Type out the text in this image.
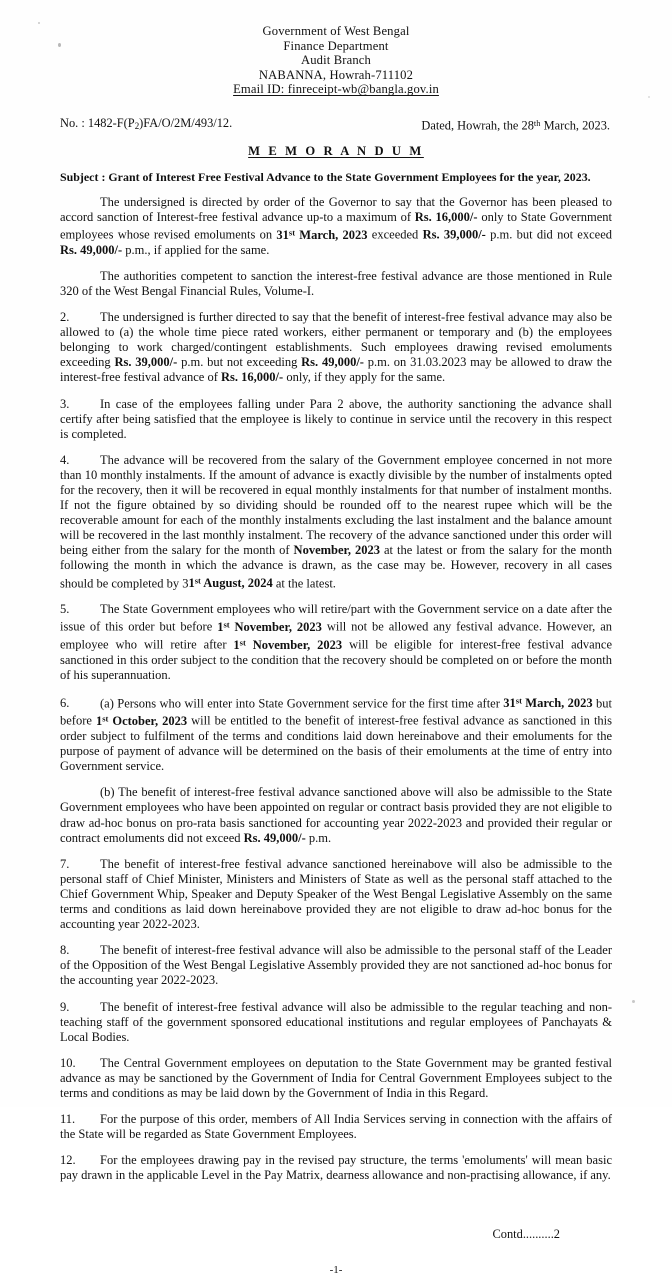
Government of West Bengal
Finance Department
Audit Branch
NABANNA, Howrah-711102
Email ID: finreceipt-wb@bangla.gov.in
No. : $1482-F(P_2)FA/O/2M/493/12$.	Dated, Howrah, the 28th March, 2023.
M E M O R A N D U M
Subject : Grant of Interest Free Festival Advance to the State Government Employees for the year, 2023.
The undersigned is directed by order of the Governor to say that the Governor has been pleased to accord sanction of Interest-free festival advance up-to a maximum of Rs. 16,000/- only to State Government employees whose revised emoluments on 31st March, 2023 exceeded Rs. 39,000/- p.m. but did not exceed Rs. 49,000/- p.m., if applied for the same.
The authorities competent to sanction the interest-free festival advance are those mentioned in Rule 320 of the West Bengal Financial Rules, Volume-I.
2. The undersigned is further directed to say that the benefit of interest-free festival advance may also be allowed to (a) the whole time piece rated workers, either permanent or temporary and (b) the employees belonging to work charged/contingent establishments. Such employees drawing revised emoluments exceeding Rs. 39,000/- p.m. but not exceeding Rs. 49,000/- p.m. on 31.03.2023 may be allowed to draw the interest-free festival advance of Rs. 16,000/- only, if they apply for the same.
3. In case of the employees falling under Para 2 above, the authority sanctioning the advance shall certify after being satisfied that the employee is likely to continue in service until the recovery in this respect is completed.
4. The advance will be recovered from the salary of the Government employee concerned in not more than 10 monthly instalments. If the amount of advance is exactly divisible by the number of instalments opted for the recovery, then it will be recovered in equal monthly instalments for that number of instalment months. If not the figure obtained by so dividing should be rounded off to the nearest rupee which will be the recoverable amount for each of the monthly instalments excluding the last instalment and the balance amount will be recovered in the last monthly instalment. The recovery of the advance sanctioned under this order will being either from the salary for the month of November, 2023 at the latest or from the salary for the month following the month in which the advance is drawn, as the case may be. However, recovery in all cases should be completed by 31st August, 2024 at the latest.
5. The State Government employees who will retire/part with the Government service on a date after the issue of this order but before 1st November, 2023 will not be allowed any festival advance. However, an employee who will retire after 1st November, 2023 will be eligible for interest-free festival advance sanctioned in this order subject to the condition that the recovery should be completed on or before the month of his superannuation.
6. (a) Persons who will enter into State Government service for the first time after 31st March, 2023 but before 1st October, 2023 will be entitled to the benefit of interest-free festival advance as sanctioned in this order subject to fulfilment of the terms and conditions laid down hereinabove and their emoluments for the purpose of payment of advance will be determined on the basis of their emoluments at the time of entry into Government service.
(b) The benefit of interest-free festival advance sanctioned above will also be admissible to the State Government employees who have been appointed on regular or contract basis provided they are not eligible to draw ad-hoc bonus on pro-rata basis sanctioned for accounting year 2022-2023 and provided their regular or contract emoluments did not exceed Rs. 49,000/- p.m.
7. The benefit of interest-free festival advance sanctioned hereinabove will also be admissible to the personal staff of Chief Minister, Ministers and Ministers of State as well as the personal staff attached to the Chief Government Whip, Speaker and Deputy Speaker of the West Bengal Legislative Assembly on the same terms and conditions as laid down hereinabove provided they are not eligible to draw ad-hoc bonus for the accounting year 2022-2023.
8. The benefit of interest-free festival advance will also be admissible to the personal staff of the Leader of the Opposition of the West Bengal Legislative Assembly provided they are not sanctioned ad-hoc bonus for the accounting year 2022-2023.
9. The benefit of interest-free festival advance will also be admissible to the regular teaching and non-teaching staff of the government sponsored educational institutions and regular employees of Panchayats & Local Bodies.
10. The Central Government employees on deputation to the State Government may be granted festival advance as may be sanctioned by the Government of India for Central Government Employees subject to the terms and conditions as may be laid down by the Government of India in this Regard.
11. For the purpose of this order, members of All India Services serving in connection with the affairs of the State will be regarded as State Government Employees.
12. For the employees drawing pay in the revised pay structure, the terms 'emoluments' will mean basic pay drawn in the applicable Level in the Pay Matrix, dearness allowance and non-practising allowance, if any.
Contd..........2
-1-
